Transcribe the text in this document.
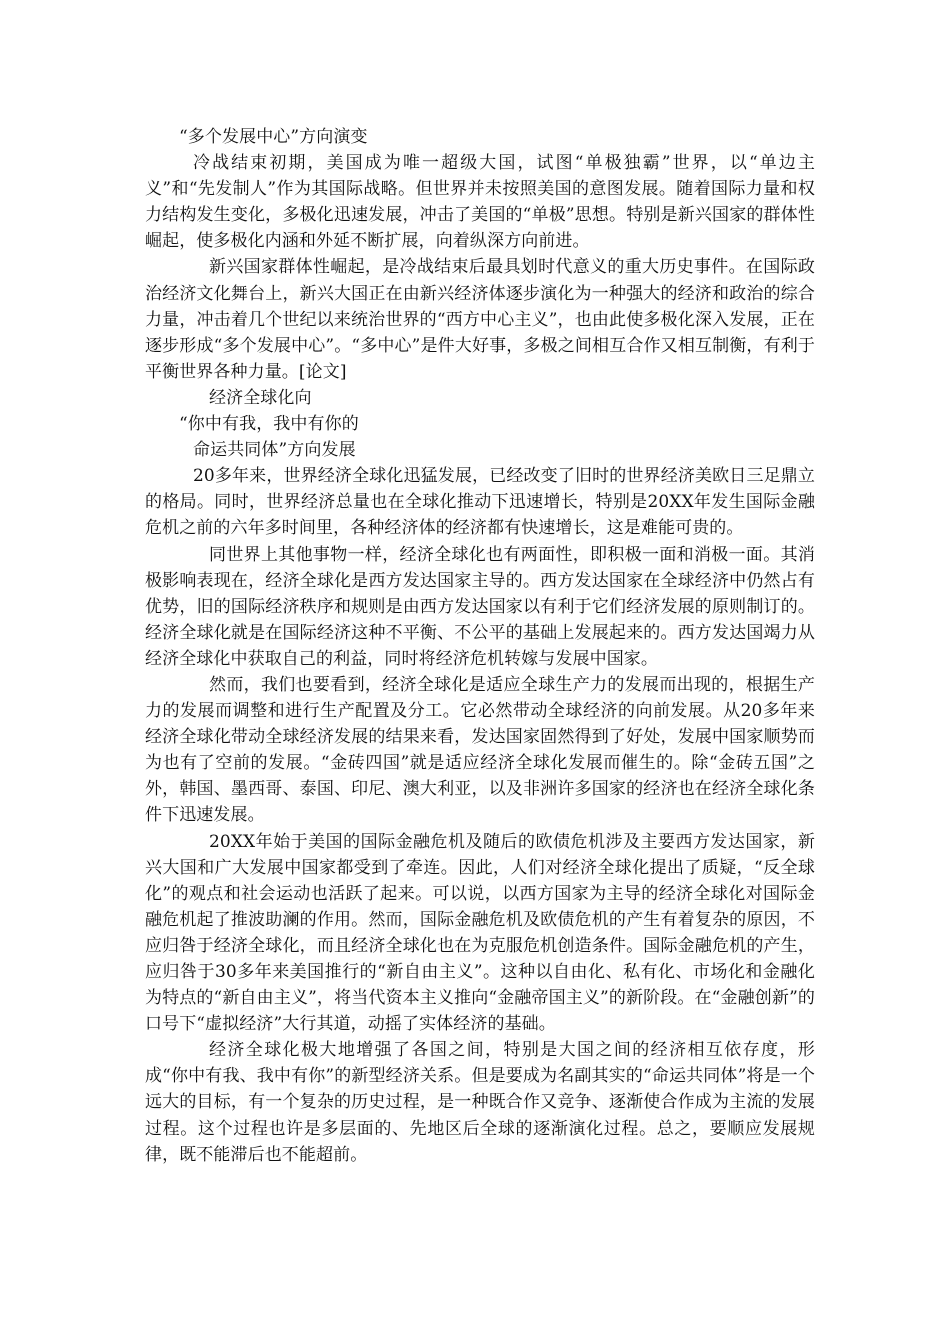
“多个发展中心”方向演变

冷战结束初期，美国成为唯一超级大国，试图“单极独霸”世界，以“单边主义”和“先发制人”作为其国际战略。但世界并未按照美国的意图发展。随着国际力量和权力结构发生变化，多极化迅速发展，冲击了美国的“单极”思想。特别是新兴国家的群体性崛起，使多极化内涵和外延不断扩展，向着纵深方向前进。

新兴国家群体性崛起，是冷战结束后最具划时代意义的重大历史事件。在国际政治经济文化舞台上，新兴大国正在由新兴经济体逐步演化为一种强大的经济和政治的综合力量，冲击着几个世纪以来统治世界的“西方中心主义”，也由此使多极化深入发展，正在逐步形成“多个发展中心”。“多中心”是件大好事，多极之间相互合作又相互制衡，有利于平衡世界各种力量。[论文]

经济全球化向

“你中有我，我中有你的

命运共同体”方向发展

20多年来，世界经济全球化迅猛发展，已经改变了旧时的世界经济美欧日三足鼎立的格局。同时，世界经济总量也在全球化推动下迅速增长，特别是20XX年发生国际金融危机之前的六年多时间里，各种经济体的经济都有快速增长，这是难能可贵的。

同世界上其他事物一样，经济全球化也有两面性，即积极一面和消极一面。其消极影响表现在，经济全球化是西方发达国家主导的。西方发达国家在全球经济中仍然占有优势，旧的国际经济秩序和规则是由西方发达国家以有利于它们经济发展的原则制订的。经济全球化就是在国际经济这种不平衡、不公平的基础上发展起来的。西方发达国竭力从经济全球化中获取自己的利益，同时将经济危机转嫁与发展中国家。

然而，我们也要看到，经济全球化是适应全球生产力的发展而出现的，根据生产力的发展而调整和进行生产配置及分工。它必然带动全球经济的向前发展。从20多年来经济全球化带动全球经济发展的结果来看，发达国家固然得到了好处，发展中国家顺势而为也有了空前的发展。“金砖四国”就是适应经济全球化发展而催生的。除“金砖五国”之外，韩国、墨西哥、泰国、印尼、澳大利亚，以及非洲许多国家的经济也在经济全球化条件下迅速发展。

20XX年始于美国的国际金融危机及随后的欧债危机涉及主要西方发达国家，新兴大国和广大发展中国家都受到了牵连。因此，人们对经济全球化提出了质疑，“反全球化”的观点和社会运动也活跃了起来。可以说，以西方国家为主导的经济全球化对国际金融危机起了推波助澜的作用。然而，国际金融危机及欧债危机的产生有着复杂的原因，不应归咎于经济全球化，而且经济全球化也在为克服危机创造条件。国际金融危机的产生，应归咎于30多年来美国推行的“新自由主义”。这种以自由化、私有化、市场化和金融化为特点的“新自由主义”，将当代资本主义推向“金融帝国主义”的新阶段。在“金融创新”的口号下“虚拟经济”大行其道，动摇了实体经济的基础。

经济全球化极大地增强了各国之间，特别是大国之间的经济相互依存度，形成“你中有我、我中有你”的新型经济关系。但是要成为名副其实的“命运共同体”将是一个远大的目标，有一个复杂的历史过程，是一种既合作又竞争、逐渐使合作成为主流的发展过程。这个过程也许是多层面的、先地区后全球的逐渐演化过程。总之，要顺应发展规律，既不能滞后也不能超前。
